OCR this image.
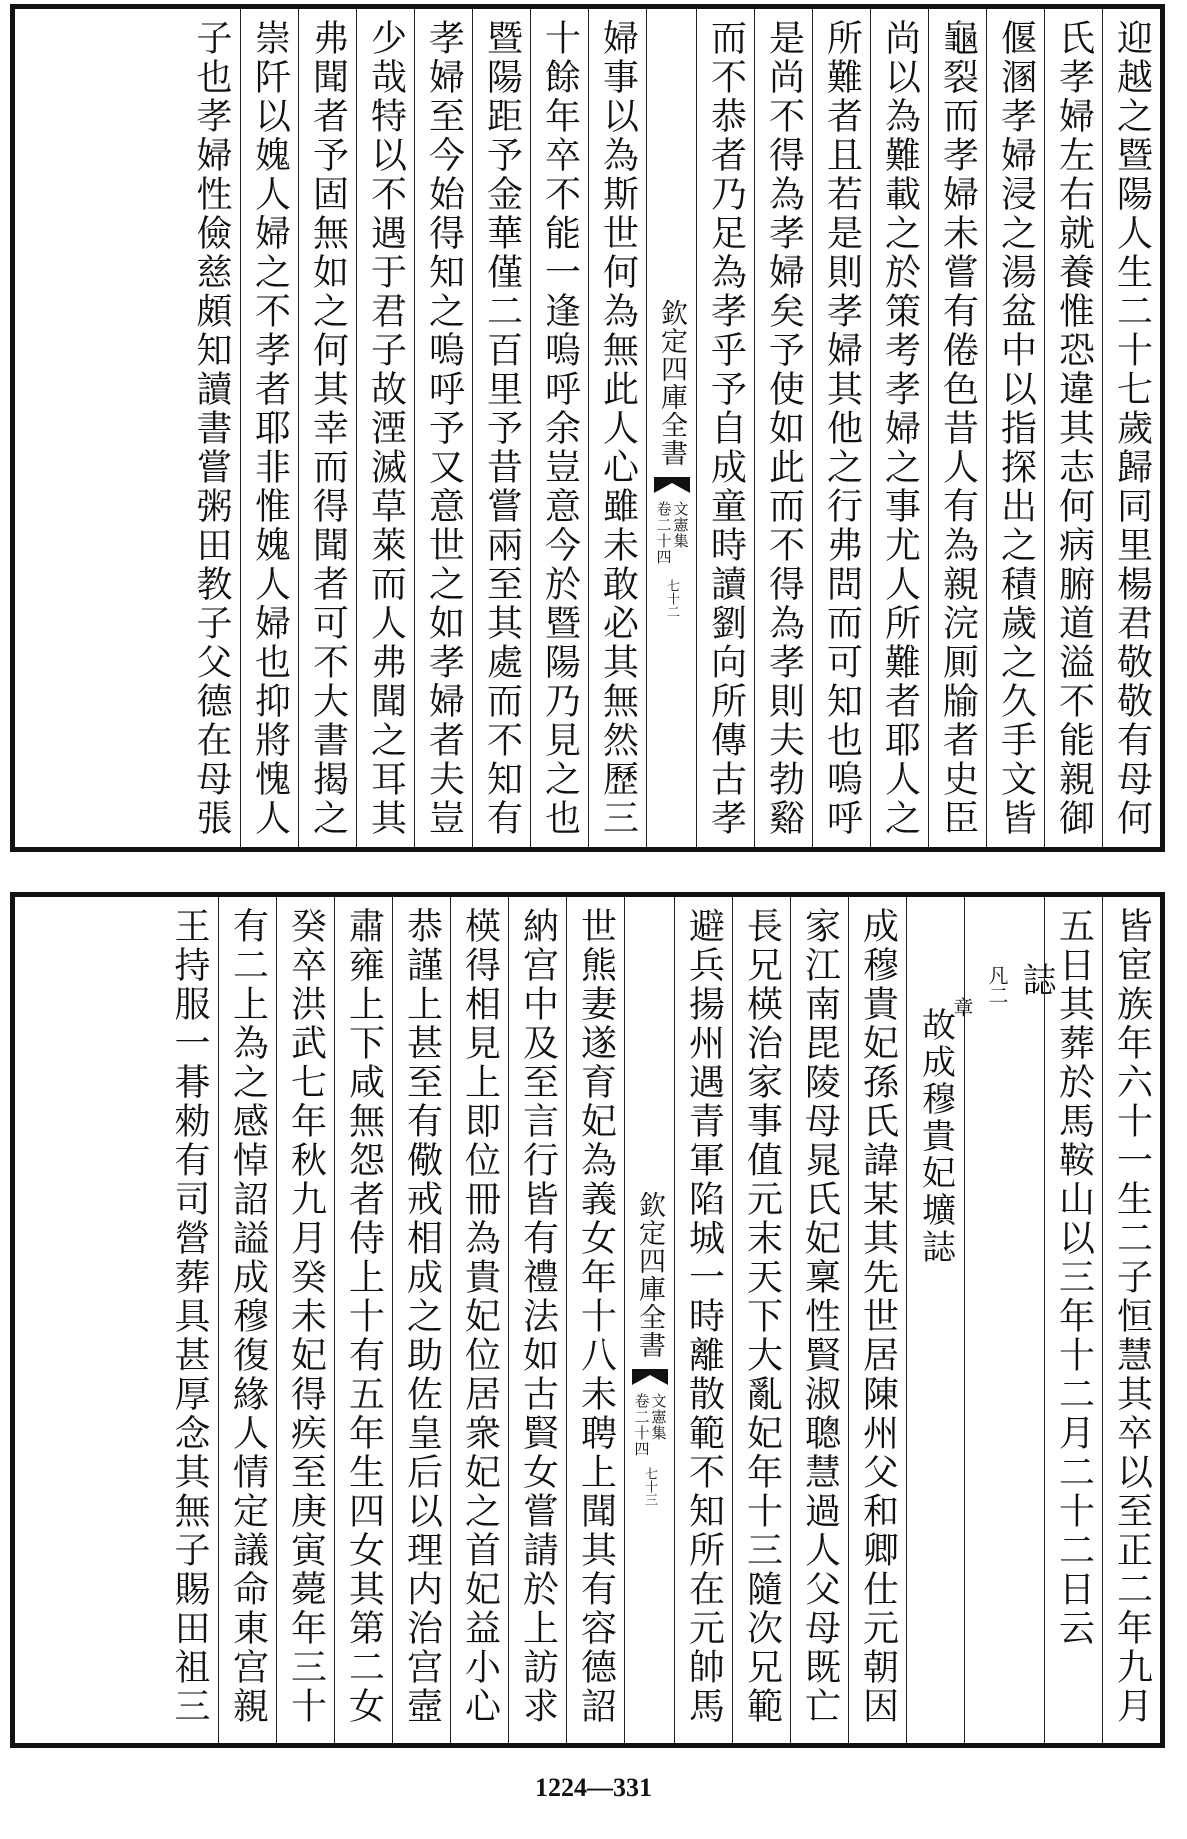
迎越之暨陽人生二十七歲歸同里楊君敬敬有母何
氏孝婦左右就養惟恐違其志何病腑道溢不能親御
偃溷孝婦浸之湯盆中以指探出之積歲之久手文皆
龜裂而孝婦未嘗有倦色昔人有為親浣厠牏者史臣
尚以為難載之於策考孝婦之事尤人所難者耶人之
所難者且若是則孝婦其他之行弗問而可知也嗚呼
是尚不得為孝婦矣予使如此而不得為孝則夫勃谿
而不恭者乃足為孝乎予自成童時讀劉向所傳古孝
欽定四庫全書
文憲集
卷二十四
七十二
婦事以為斯世何為無此人心雖未敢必其無然歷三
十餘年卒不能一逢嗚呼余豈意今於暨陽乃見之也
暨陽距予金華僅二百里予昔嘗兩至其處而不知有
孝婦至今始得知之嗚呼予又意世之如孝婦者夫豈
少哉特以不遇于君子故湮滅草萊而人弗聞之耳其
弗聞者予固無如之何其幸而得聞者可不大書揭之
崇阡以媿人婦之不孝者耶非惟媿人婦也抑將愧人
子也孝婦性儉慈頗知讀書嘗粥田教子父德在母張
皆宦族年六十一生二子恒慧其卒以至正二年九月
五日其葬於馬鞍山以三年十二月二十二日云
誌
凡二
章
故成穆貴妃壙誌
成穆貴妃孫氏諱某其先世居陳州父和卿仕元朝因
家江南毘陵母晁氏妃稟性賢淑聰慧過人父母既亡
長兄楧治家事值元末天下大亂妃年十三隨次兄範
避兵揚州遇青軍陷城一時離散範不知所在元帥馬
欽定四庫全書
文憲集
卷二十四
七十三
世熊妻遂育妃為義女年十八未聘上聞其有容德詔
納宫中及至言行皆有禮法如古賢女嘗請於上訪求
楧得相見上即位冊為貴妃位居衆妃之首妃益小心
恭謹上甚至有儆戒相成之助佐皇后以理内治宫壼
肅雍上下咸無怨者侍上十有五年生四女其第二女
癸卒洪武七年秋九月癸未妃得疾至庚寅薨年三十
有二上為之感悼詔謚成穆復緣人情定議命東宫親
王持服一朞勑有司營葬具甚厚念其無子賜田祖三
1224—331
